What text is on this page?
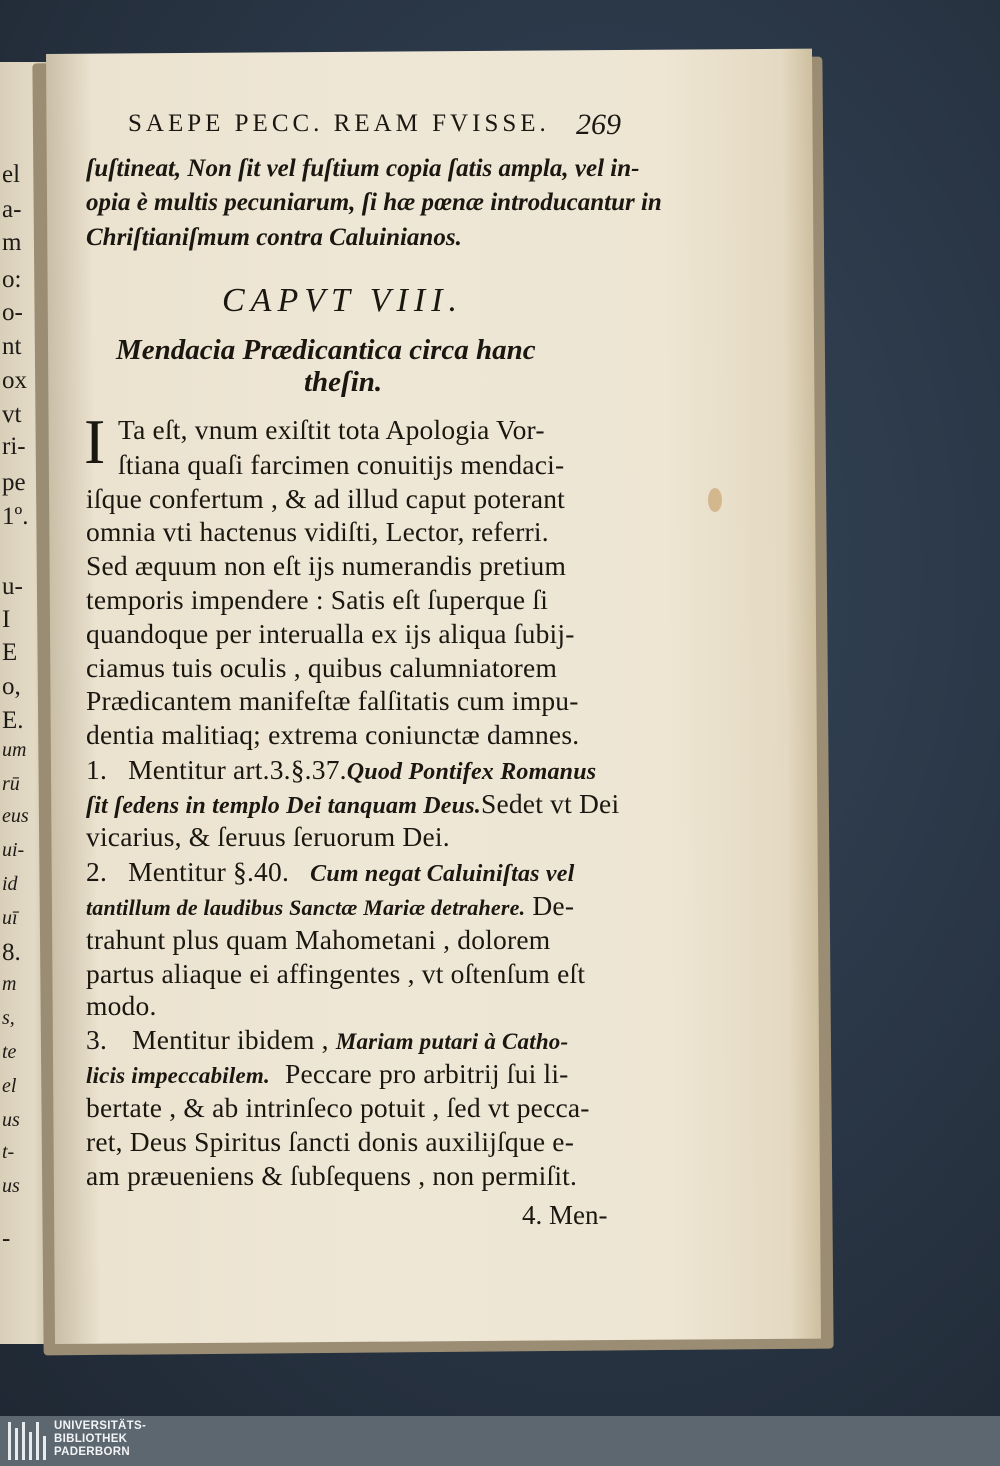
el
a-
m
o:
o-
nt
ox
vt
ri-
pe
1º.
u-
I
E
o,
E.
um
rū
eus
ui-
id
uī
8.
m
s,
te
el
us
t-
us
-
SAEPE PECC. REAM FVISSE. 269
ſuſtineat, Non ſit vel fuſtium copia ſatis ampla, vel in-
opia è multis pecuniarum, ſi hæ pœnæ introducantur in
Chriſtianiſmum contra Caluinianos.
CAPVT VIII.
Mendacia Prædicantica circa hanc
theſin.
I Ta eſt, vnum exiſtit tota Apologia Vor-
ſtiana quaſi farcimen conuitijs mendaci-
iſque confertum , & ad illud caput poterant
omnia vti hactenus vidiſti, Lector, referri.
Sed æquum non eſt ijs numerandis pretium
temporis impendere : Satis eſt ſuperque ſi
quandoque per interualla ex ijs aliqua ſubij-
ciamus tuis oculis , quibus calumniatorem
Prædicantem manifeſtæ falſitatis cum impu-
dentia malitiaq; extrema coniunctæ damnes.
1. Mentitur art.3.§.37.Quod Pontifex Romanus
ſit ſedens in templo Dei tanquam Deus.Sedet vt Dei
vicarius, & ſeruus ſeruorum Dei.
2. Mentitur §.40. Cum negat Caluiniſtas vel
tantillum de laudibus Sanctæ Mariæ detrahere. De-
trahunt plus quam Mahometani , dolorem
partus aliaque ei affingentes , vt oſtenſum eſt
modo.
3. Mentitur ibidem , Mariam putari à Catho-
licis impeccabilem. Peccare pro arbitrij ſui li-
bertate , & ab intrinſeco potuit , ſed vt pecca-
ret, Deus Spiritus ſancti donis auxilijſque e-
am præueniens & ſubſequens , non permiſit.
4. Men-
UNIVERSITÄTS-
BIBLIOTHEK
PADERBORN
